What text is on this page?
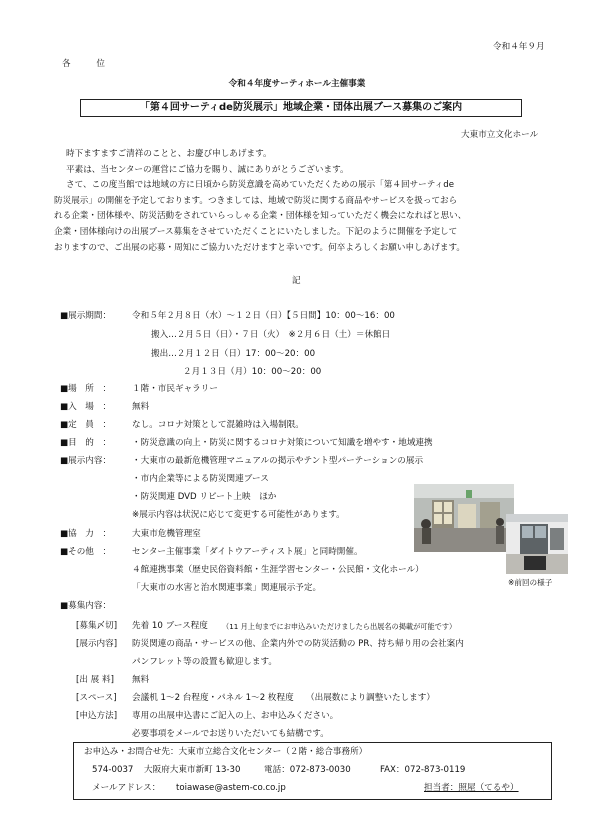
令和４年９月
各　　　位
令和４年度サーティホール主催事業
「第４回サーティde防災展示」地域企業・団体出展ブース募集のご案内
大東市立文化ホール

時下ますますご清祥のことと、お慶び申しあげます。

平素は、当センターの運営にご協力を賜り、誠にありがとうございます。

さて、この度当館では地域の方に日頃から防災意識を高めていただくための展示「第４回サーティde

防災展示」の開催を予定しております。つきましては、地域で防災に関する商品やサービスを扱っておら

れる企業・団体様や、防災活動をされていらっしゃる企業・団体様を知っていただく機会になればと思い、

企業・団体様向けの出展ブース募集をさせていただくことにいたしました。下記のように開催を予定して

おりますので、ご出展の応募・周知にご協力いただけますと幸いです。何卒よろしくお願い申しあげます。

記
■展示期間： 令和５年２月８日（水）〜１２日（日）【５日間】10：00〜16：00
搬入…２月５日（日）・７日（火）　※２月６日（土）＝休館日
搬出…２月１２日（日）17：00〜20：00
２月１３日（月）10：00〜20：00
■場　所　： １階・市民ギャラリー
■入　場　： 無料
■定　員　： なし。コロナ対策として混雑時は入場制限。
■目　的　： ・防災意識の向上・防災に関するコロナ対策について知識を増やす・地域連携
■展示内容： ・大東市の最新危機管理マニュアルの掲示やテント型パーテーションの展示
・市内企業等による防災関連ブース
・防災関連 DVD リピート上映　ほか
※展示内容は状況に応じて変更する可能性があります。
■協　力　： 大東市危機管理室
■その他　： センター主催事業「ダイトウアーティスト展」と同時開催。
４館連携事業（歴史民俗資料館・生涯学習センター・公民館・文化ホール）
「大東市の水害と治水関連事業」関連展示予定。
※前回の様子
■募集内容：
[募集〆切] 先着 10 ブース程度 （11 月上旬までにお申込みいただけましたら出展名の掲載が可能です）
[展示内容] 防災関連の商品・サービスの他、企業内外での防災活動の PR、持ち帰り用の会社案内
パンフレット等の設置も歓迎します。
[出 展 料] 無料
[スペース] 会議机 1〜2 台程度・パネル 1〜2 枚程度 （出展数により調整いたします）
[申込方法] 専用の出展申込書にご記入の上、お申込みください。
必要事項をメールでお送りいただいても結構です。
お申込み・お問合せ先：大東市立総合文化センター（２階・総合事務所）
574-0037 大阪府大東市新町 13-30	電話：072-873-0030	FAX：072-873-0119
メールアドレス： toiawase@astem-co.co.jp	担当者：照屋（てるや）
